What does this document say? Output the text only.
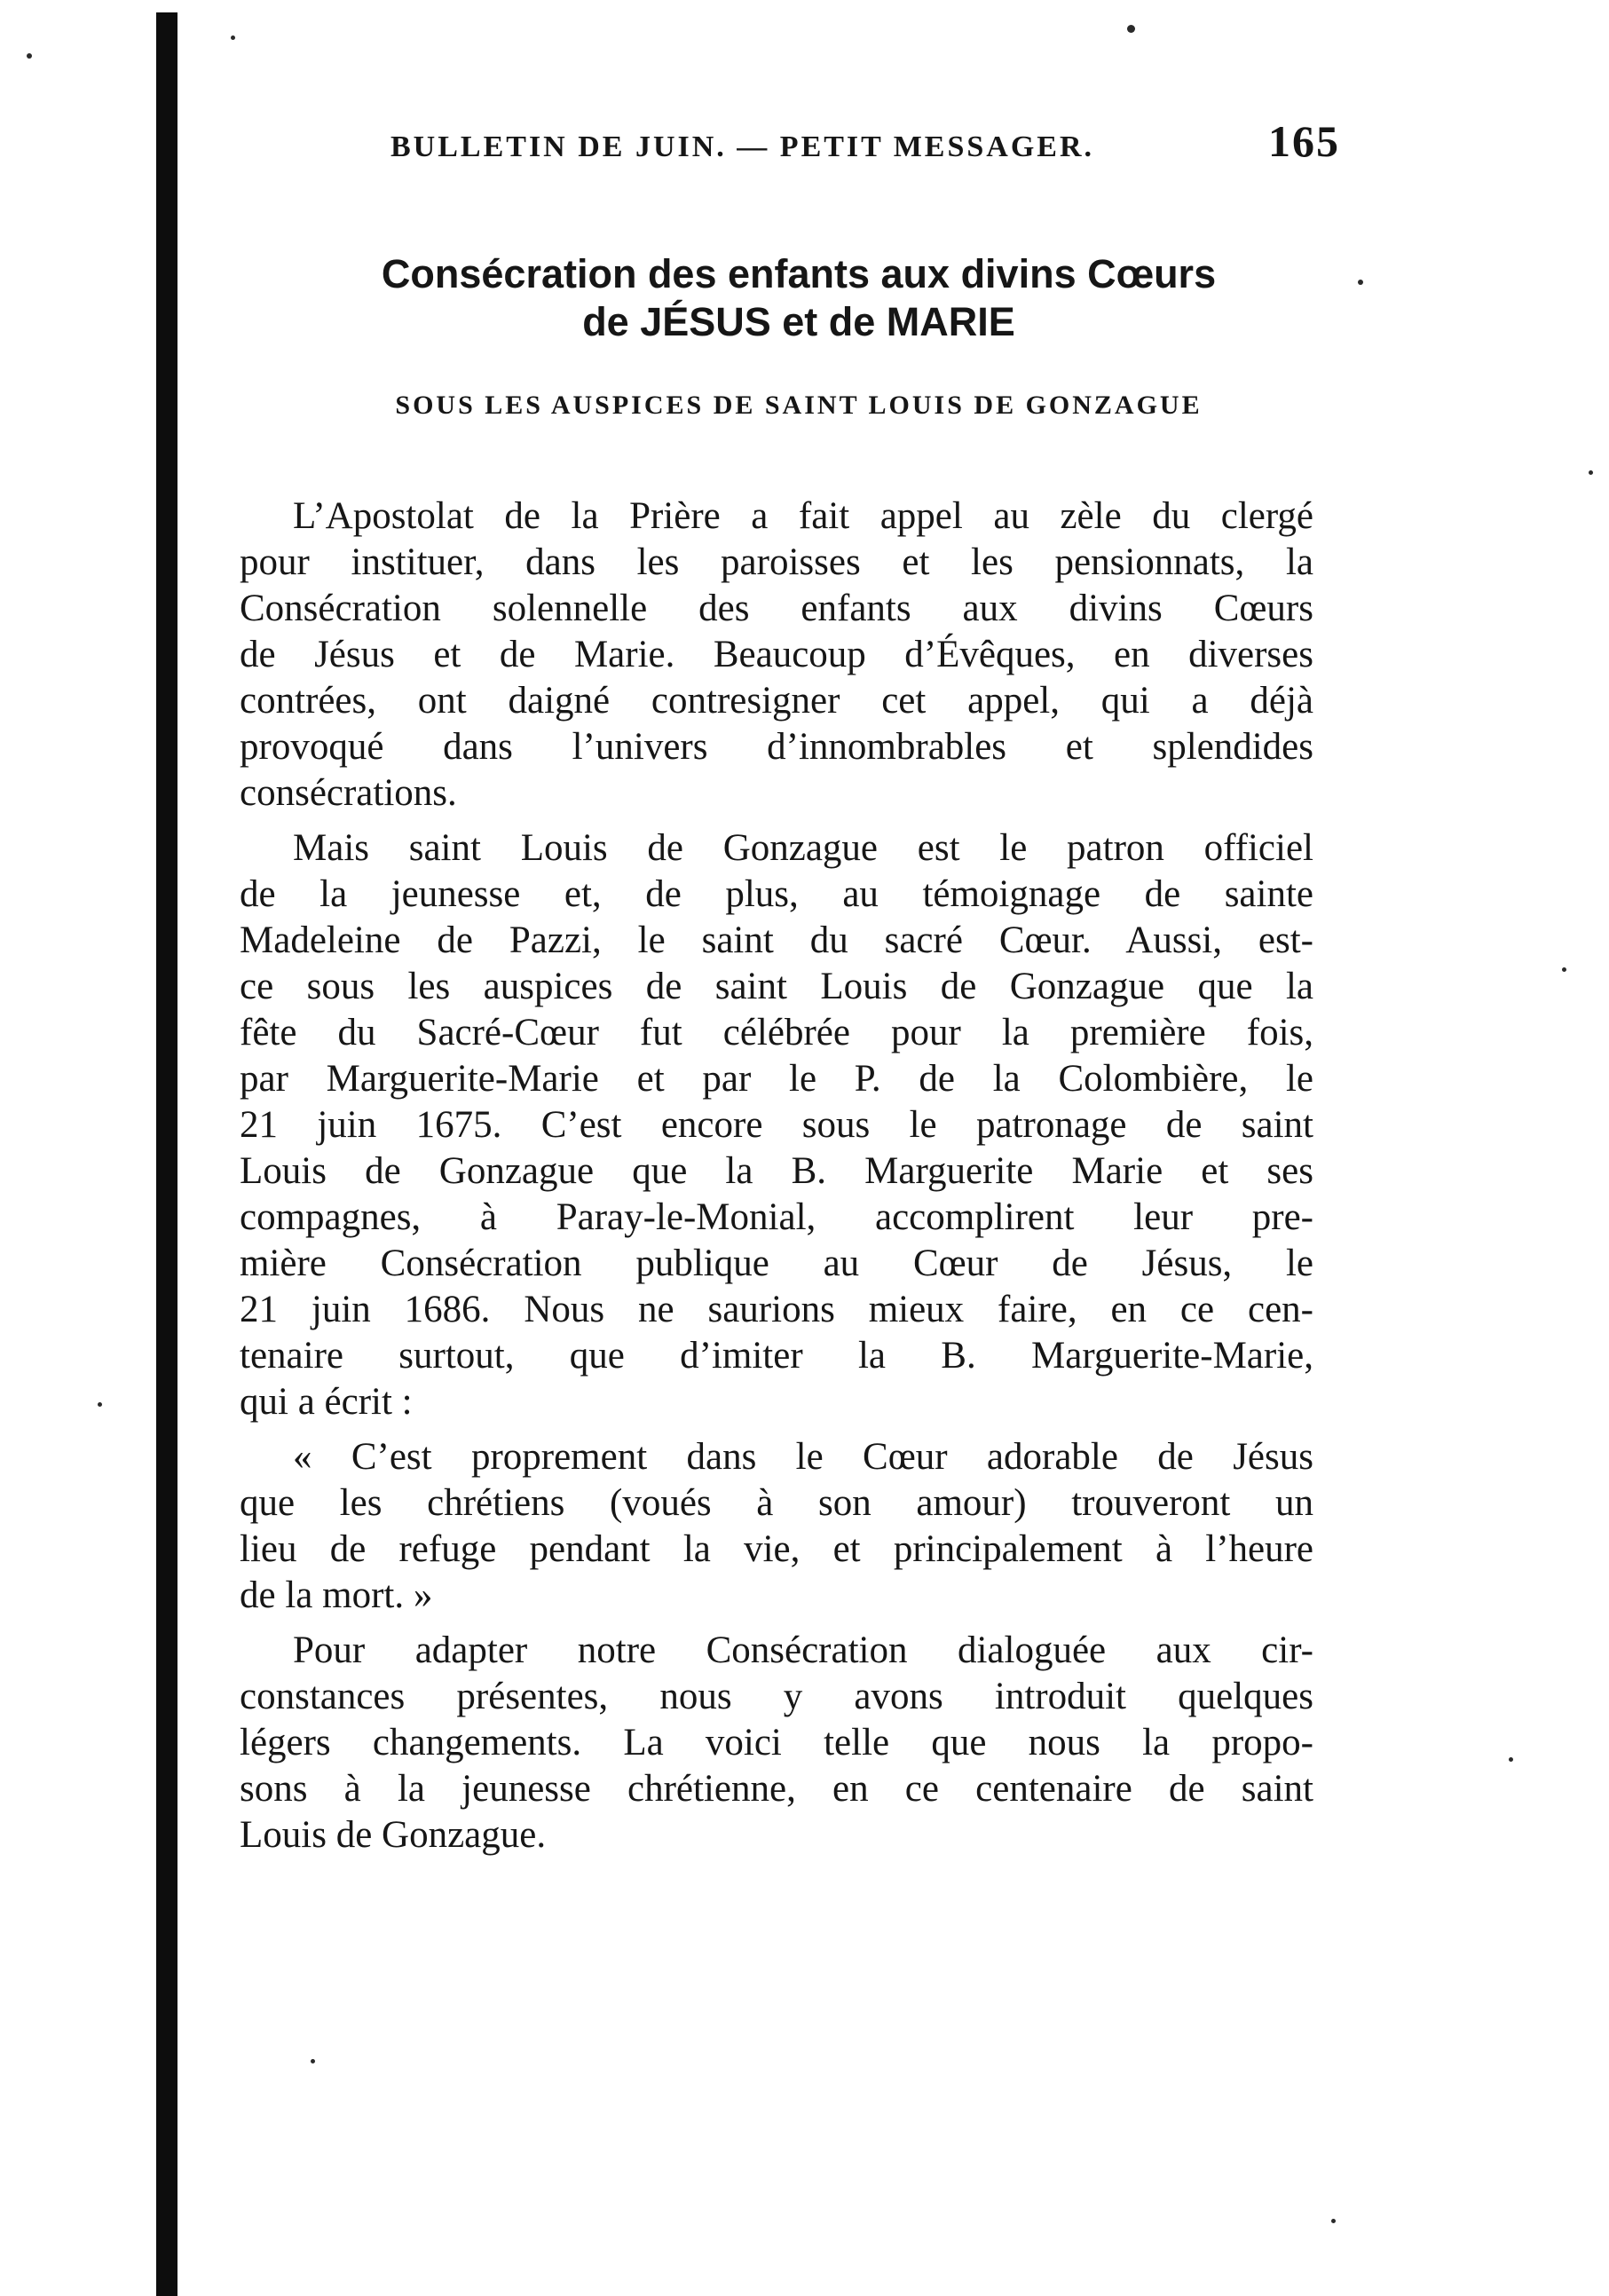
BULLETIN DE JUIN. — PETIT MESSAGER.	165
Consécration des enfants aux divins Cœurs
de JÉSUS et de MARIE
SOUS LES AUSPICES DE SAINT LOUIS DE GONZAGUE
L’Apostolat de la Prière a fait appel au zèle du clergé
pour instituer, dans les paroisses et les pensionnats, la
Consécration solennelle des enfants aux divins Cœurs
de Jésus et de Marie. Beaucoup d’Évêques, en diverses
contrées, ont daigné contresigner cet appel, qui a déjà
provoqué dans l’univers d’innombrables et splendides
consécrations.
Mais saint Louis de Gonzague est le patron officiel
de la jeunesse et, de plus, au témoignage de sainte
Madeleine de Pazzi, le saint du sacré Cœur. Aussi, est-
ce sous les auspices de saint Louis de Gonzague que la
fête du Sacré-Cœur fut célébrée pour la première fois,
par Marguerite-Marie et par le P. de la Colombière, le
21 juin 1675. C’est encore sous le patronage de saint
Louis de Gonzague que la B. Marguerite Marie et ses
compagnes, à Paray-le-Monial, accomplirent leur pre-
mière Consécration publique au Cœur de Jésus, le
21 juin 1686. Nous ne saurions mieux faire, en ce cen-
tenaire surtout, que d’imiter la B. Marguerite-Marie,
qui a écrit :
« C’est proprement dans le Cœur adorable de Jésus
que les chrétiens (voués à son amour) trouveront un
lieu de refuge pendant la vie, et principalement à l’heure
de la mort. »
Pour adapter notre Consécration dialoguée aux cir-
constances présentes, nous y avons introduit quelques
légers changements. La voici telle que nous la propo-
sons à la jeunesse chrétienne, en ce centenaire de saint
Louis de Gonzague.
